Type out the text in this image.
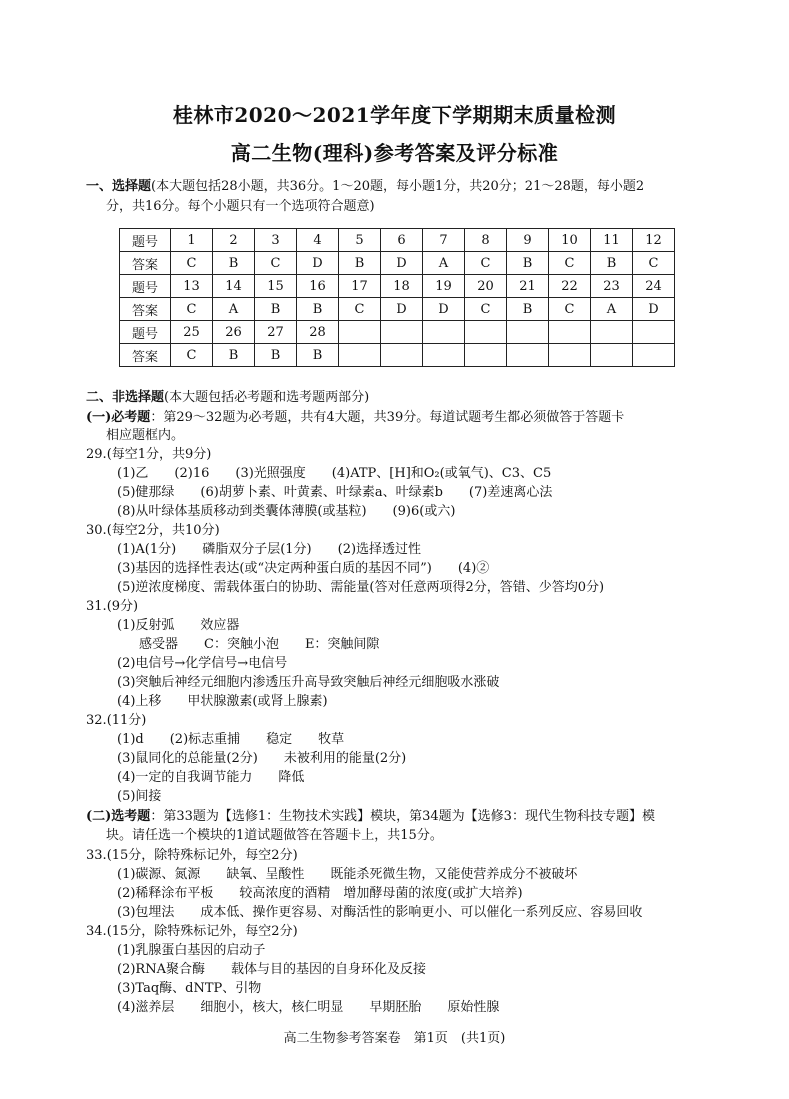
桂林市2020～2021学年度下学期期末质量检测
高二生物(理科)参考答案及评分标准
一、选择题(本大题包括28小题，共36分。1～20题，每小题1分，共20分；21～28题，每小题2
分，共16分。每个小题只有一个选项符合题意)
题号	1	2	3	4	5	6	7	8	9	10	11	12
答案	C	B	C	D	B	D	A	C	B	C	B	C
题号	13	14	15	16	17	18	19	20	21	22	23	24
答案	C	A	B	B	C	D	D	C	B	C	A	D
题号	25	26	27	28								
答案	C	B	B	B								
二、非选择题(本大题包括必考题和选考题两部分)
(一)必考题：第29～32题为必考题，共有4大题，共39分。每道试题考生都必须做答于答题卡
相应题框内。
29.(每空1分，共9分)
(1)乙　　(2)16　　(3)光照强度　　(4)ATP、[H]和O₂(或氧气)、C3、C5
(5)健那绿　　(6)胡萝卜素、叶黄素、叶绿素a、叶绿素b　　(7)差速离心法
(8)从叶绿体基质移动到类囊体薄膜(或基粒)　　(9)6(或六)
30.(每空2分，共10分)
(1)A(1分)　　磷脂双分子层(1分)　　(2)选择透过性
(3)基因的选择性表达(或“决定两种蛋白质的基因不同”)　　(4)②
(5)逆浓度梯度、需载体蛋白的协助、需能量(答对任意两项得2分，答错、少答均0分)
31.(9分)
(1)反射弧　　效应器
感受器　　C：突触小泡　　E：突触间隙
(2)电信号→化学信号→电信号
(3)突触后神经元细胞内渗透压升高导致突触后神经元细胞吸水涨破
(4)上移　　甲状腺激素(或肾上腺素)
32.(11分)
(1)d　　(2)标志重捕　　稳定　　牧草
(3)鼠同化的总能量(2分)　　未被利用的能量(2分)
(4)一定的自我调节能力　　降低
(5)间接
(二)选考题：第33题为【选修1：生物技术实践】模块，第34题为【选修3：现代生物科技专题】模
块。请任选一个模块的1道试题做答在答题卡上，共15分。
33.(15分，除特殊标记外，每空2分)
(1)碳源、氮源　　缺氧、呈酸性　　既能杀死微生物，又能使营养成分不被破坏
(2)稀释涂布平板　　较高浓度的酒精　增加酵母菌的浓度(或扩大培养)
(3)包埋法　　成本低、操作更容易、对酶活性的影响更小、可以催化一系列反应、容易回收
34.(15分，除特殊标记外，每空2分)
(1)乳腺蛋白基因的启动子
(2)RNA聚合酶　　载体与目的基因的自身环化及反接
(3)Taq酶、dNTP、引物
(4)滋养层　　细胞小，核大，核仁明显　　早期胚胎　　原始性腺
高二生物参考答案卷　第1页　(共1页)
